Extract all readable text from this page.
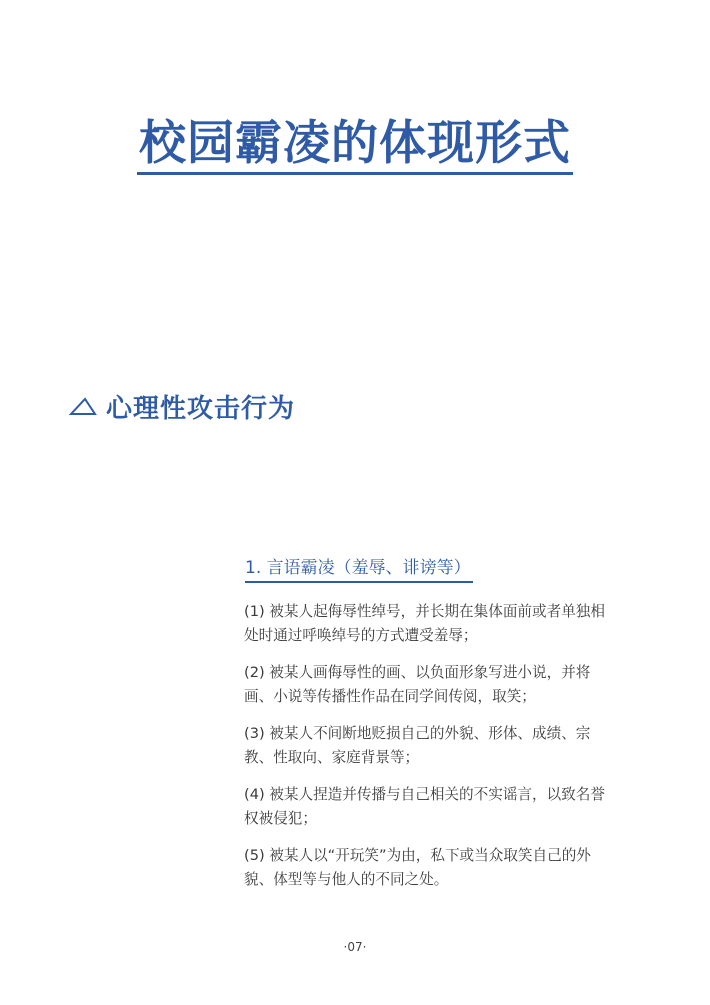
校园霸凌的体现形式
心理性攻击行为
1. 言语霸凌（羞辱、诽谤等）
(1) 被某人起侮辱性绰号，并长期在集体面前或者单独相处时通过呼唤绰号的方式遭受羞辱；
(2) 被某人画侮辱性的画、以负面形象写进小说，并将画、小说等传播性作品在同学间传阅，取笑；
(3) 被某人不间断地贬损自己的外貌、形体、成绩、宗教、性取向、家庭背景等；
(4) 被某人捏造并传播与自己相关的不实谣言，以致名誉权被侵犯；
(5) 被某人以“开玩笑”为由，私下或当众取笑自己的外貌、体型等与他人的不同之处。
·07·
